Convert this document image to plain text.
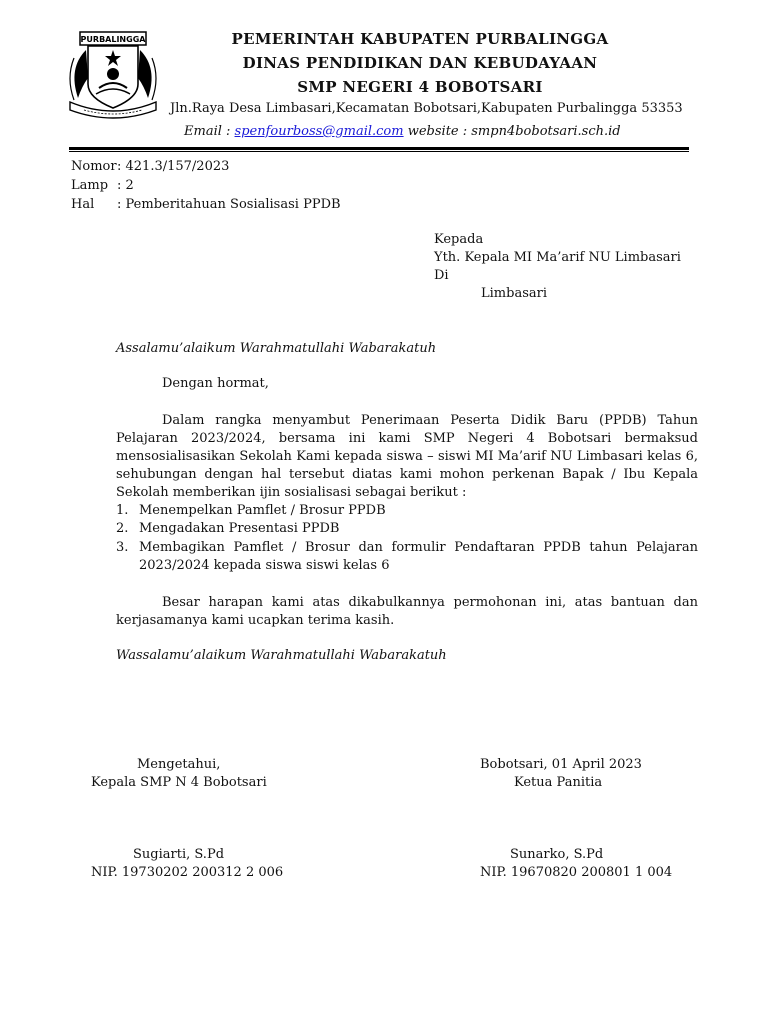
PURBALINGGA	PEMERINTAH KABUPATEN PURBALINGGA
DINAS PENDIDIKAN DAN KEBUDAYAAN
SMP NEGERI 4 BOBOTSARI
Jln.Raya Desa Limbasari,Kecamatan Bobotsari,Kabupaten Purbalingga 53353
Email : spenfourboss@gmail.com website : smpn4bobotsari.sch.id
Nomor: 421.3/157/2023
Lamp : 2
Hal : Pemberitahuan Sosialisasi PPDB
Kepada
Yth. Kepala MI Ma’arif NU Limbasari
Di
Limbasari
Assalamu’alaikum Warahmatullahi Wabarakatuh
Dengan hormat,
Dalam rangka menyambut Penerimaan Peserta Didik Baru (PPDB) Tahun Pelajaran 2023/2024, bersama ini kami SMP Negeri 4 Bobotsari bermaksud mensosialisasikan Sekolah Kami kepada siswa – siswi MI Ma’arif NU Limbasari kelas 6, sehubungan dengan hal tersebut diatas kami mohon perkenan Bapak / Ibu Kepala Sekolah memberikan ijin sosialisasi sebagai berikut :
1. Menempelkan Pamflet / Brosur PPDB
2. Mengadakan Presentasi PPDB
3. Membagikan Pamflet / Brosur dan formulir Pendaftaran PPDB tahun Pelajaran 2023/2024 kepada siswa siswi kelas 6
Besar harapan kami atas dikabulkannya permohonan ini, atas bantuan dan kerjasamanya kami ucapkan terima kasih.
Wassalamu’alaikum Warahmatullahi Wabarakatuh
Mengetahui,
Kepala SMP N 4 Bobotsari
Sugiarti, S.Pd
NIP. 19730202 200312 2 006
Bobotsari, 01 April 2023
Ketua Panitia
Sunarko, S.Pd
NIP. 19670820 200801 1 004
